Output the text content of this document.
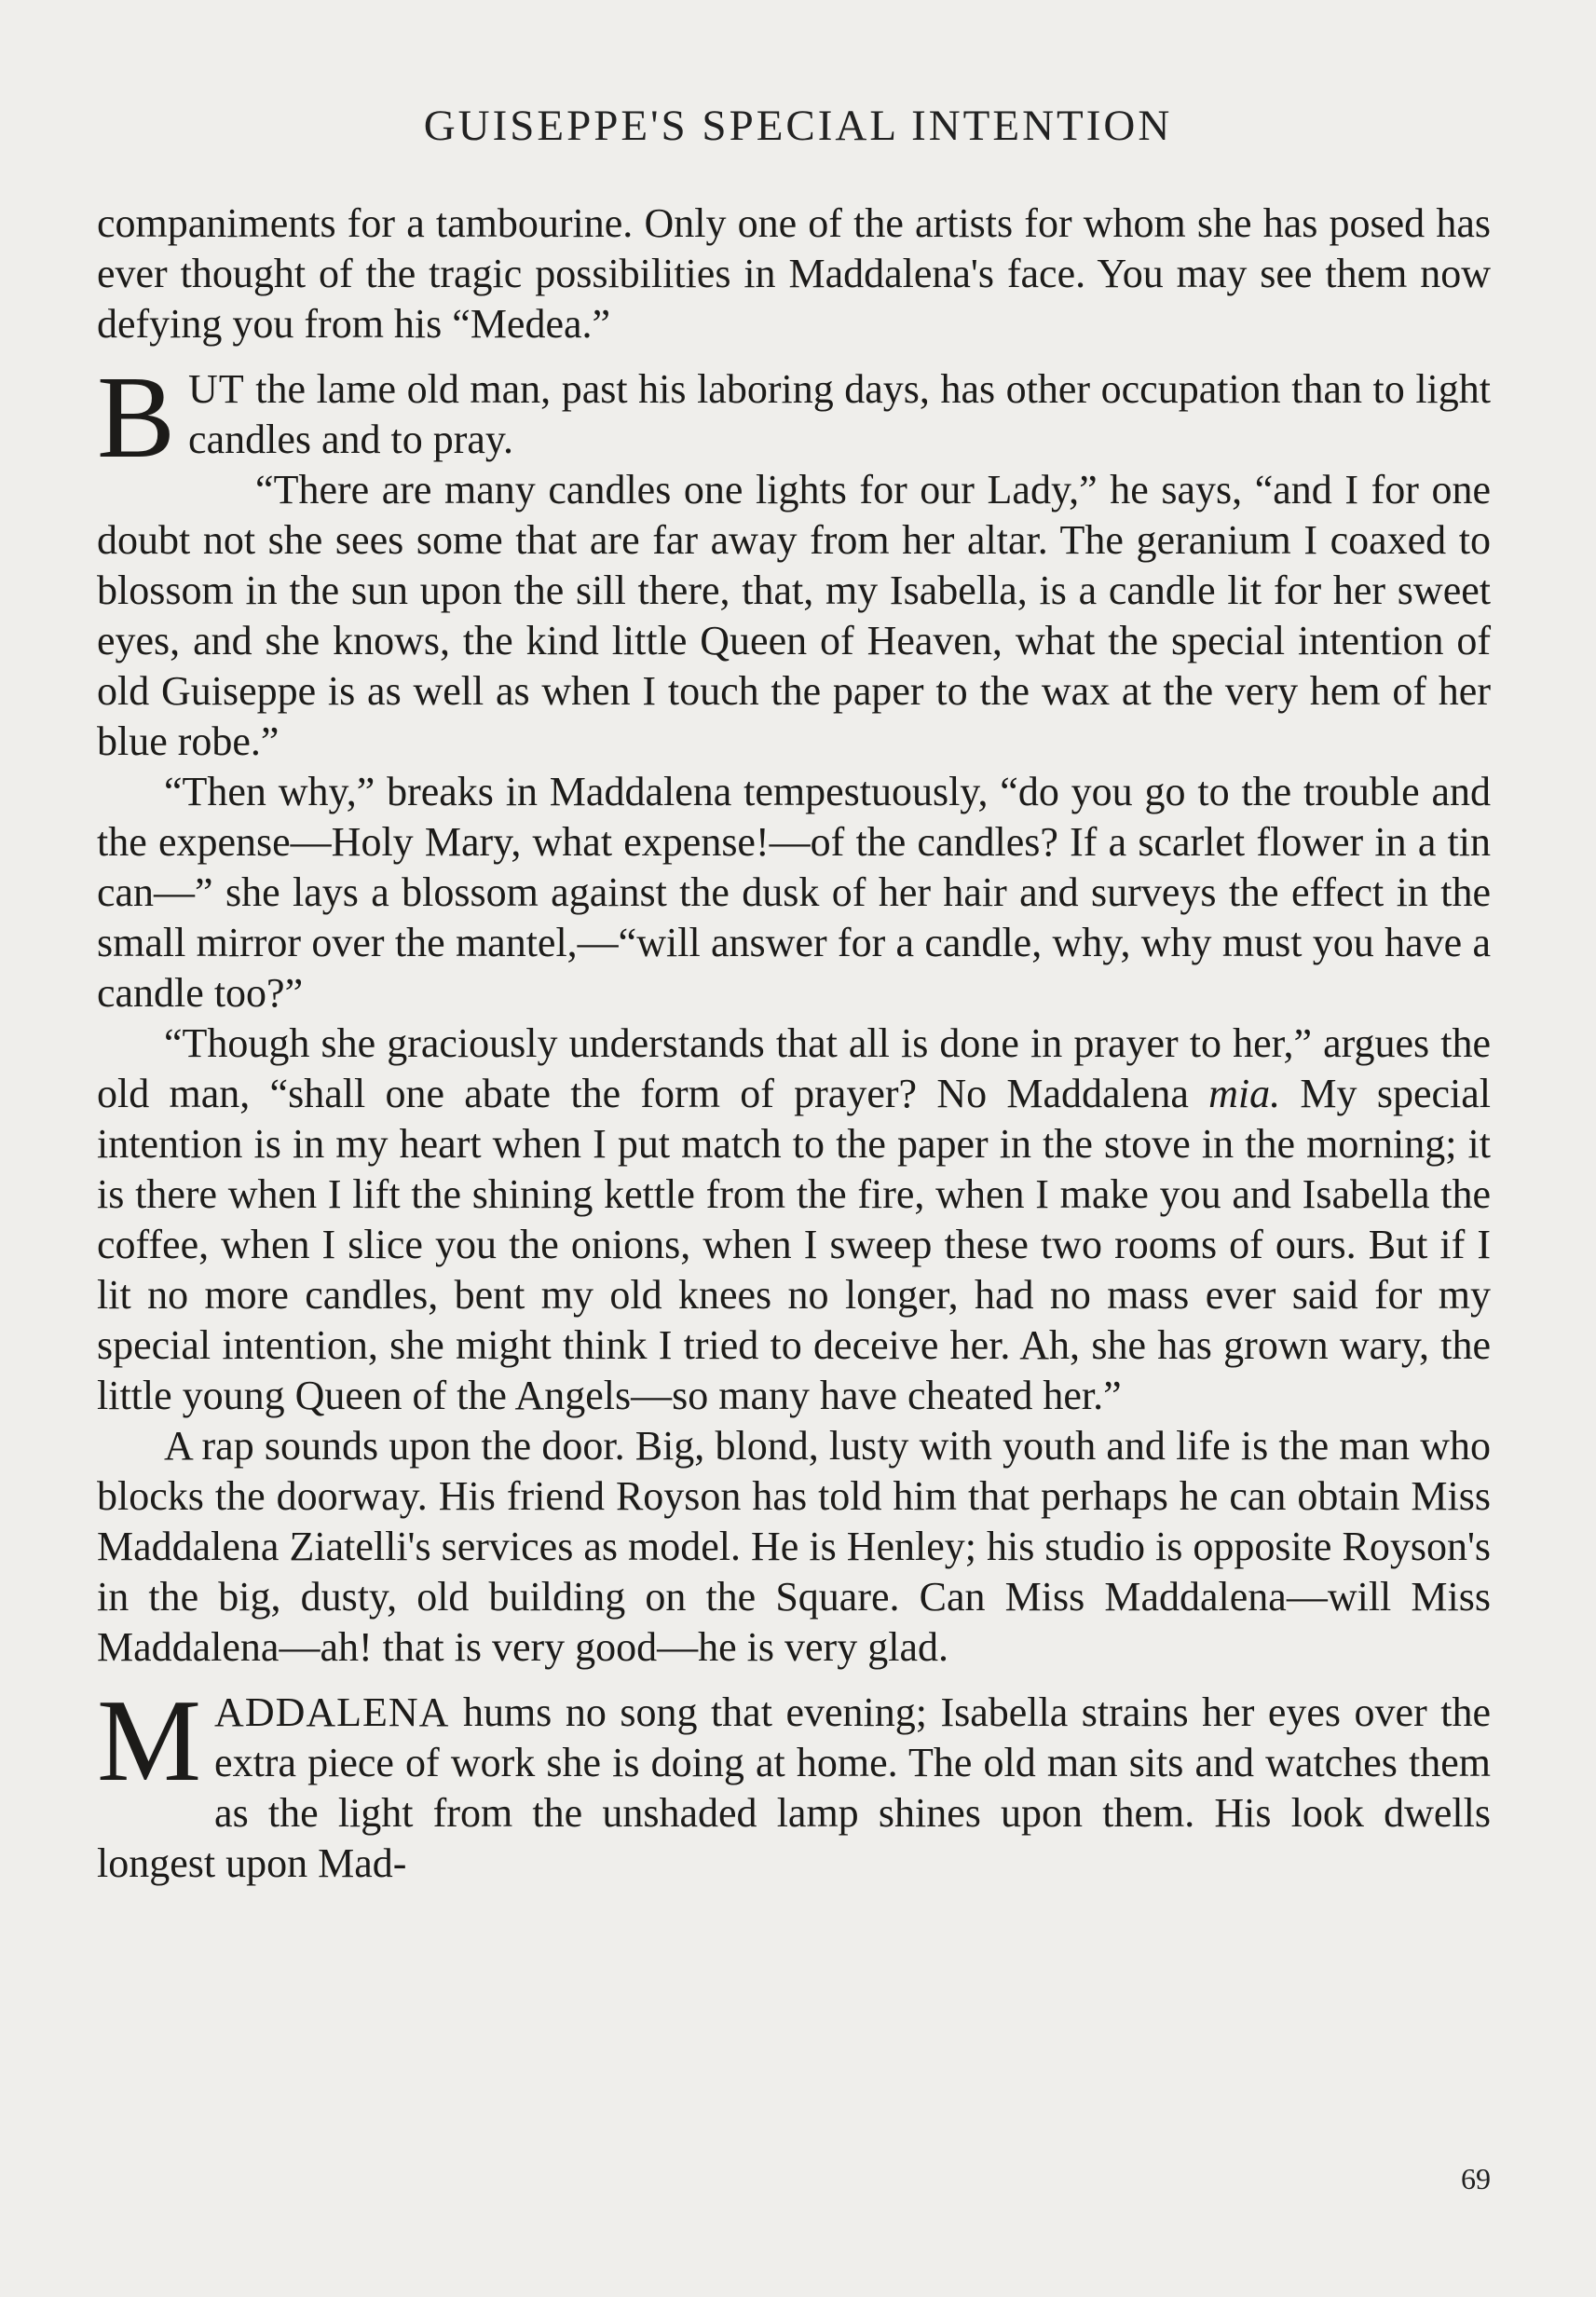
GUISEPPE'S SPECIAL INTENTION

companiments for a tambourine. Only one of the artists for whom she has posed has ever thought of the tragic possibilities in Maddalena's face. You may see them now defying you from his “Medea.”

BUT the lame old man, past his laboring days, has other occupation than to light candles and to pray.

“There are many candles one lights for our Lady,” he says, “and I for one doubt not she sees some that are far away from her altar. The geranium I coaxed to blossom in the sun upon the sill there, that, my Isabella, is a candle lit for her sweet eyes, and she knows, the kind little Queen of Heaven, what the special intention of old Guiseppe is as well as when I touch the paper to the wax at the very hem of her blue robe.”

“Then why,” breaks in Maddalena tempestuously, “do you go to the trouble and the expense—Holy Mary, what expense!—of the candles? If a scarlet flower in a tin can—” she lays a blossom against the dusk of her hair and surveys the effect in the small mirror over the mantel,—“will answer for a candle, why, why must you have a candle too?”

“Though she graciously understands that all is done in prayer to her,” argues the old man, “shall one abate the form of prayer? No Maddalena mia. My special intention is in my heart when I put match to the paper in the stove in the morning; it is there when I lift the shining kettle from the fire, when I make you and Isabella the coffee, when I slice you the onions, when I sweep these two rooms of ours. But if I lit no more candles, bent my old knees no longer, had no mass ever said for my special intention, she might think I tried to deceive her. Ah, she has grown wary, the little young Queen of the Angels—so many have cheated her.”

A rap sounds upon the door. Big, blond, lusty with youth and life is the man who blocks the doorway. His friend Royson has told him that perhaps he can obtain Miss Maddalena Ziatelli's services as model. He is Henley; his studio is opposite Royson's in the big, dusty, old building on the Square. Can Miss Maddalena—will Miss Maddalena—ah! that is very good—he is very glad.

MADDALENA hums no song that evening; Isabella strains her eyes over the extra piece of work she is doing at home. The old man sits and watches them as the light from the unshaded lamp shines upon them. His look dwells longest upon Mad-

69
